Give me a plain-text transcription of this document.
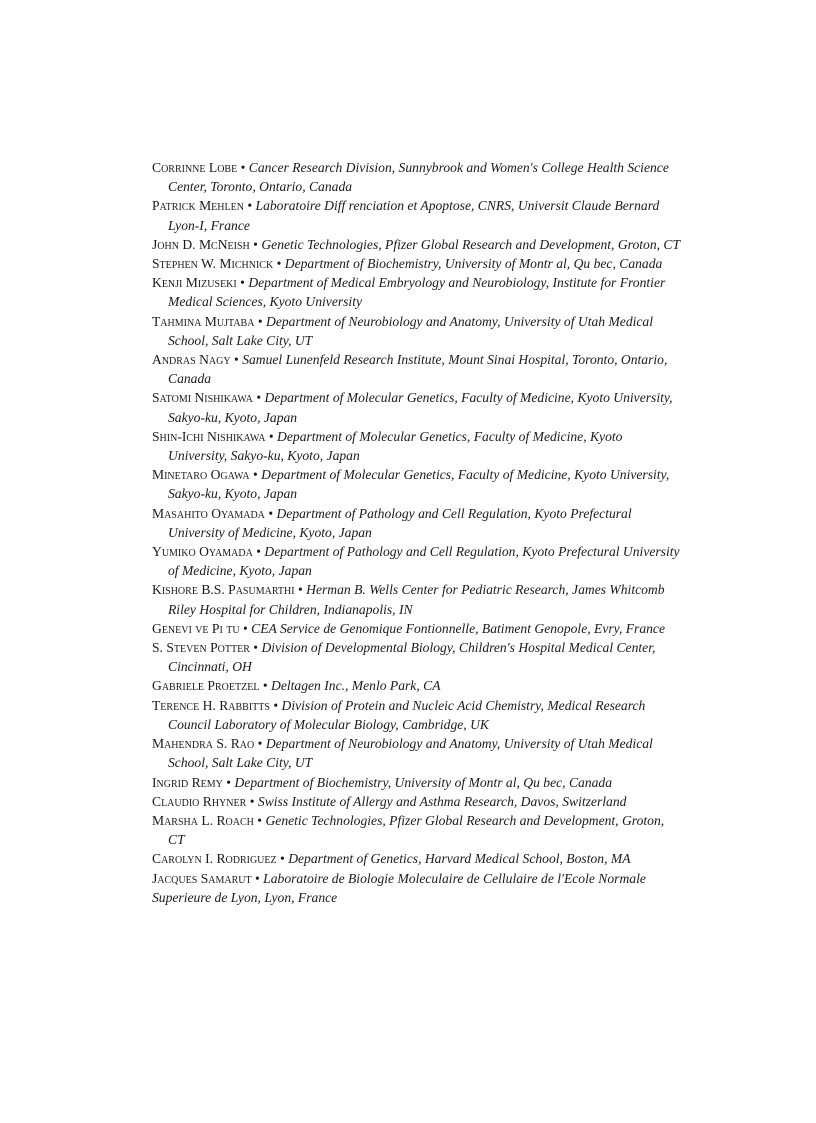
Corrinne Lobe • Cancer Research Division, Sunnybrook and Women's College Health Science Center, Toronto, Ontario, Canada

Patrick Mehlen • Laboratoire Diff renciation et Apoptose, CNRS, Universit Claude Bernard Lyon-I, France

John D. McNeish • Genetic Technologies, Pfizer Global Research and Development, Groton, CT

Stephen W. Michnick • Department of Biochemistry, University of Montr al, Qu bec, Canada

Kenji Mizuseki • Department of Medical Embryology and Neurobiology, Institute for Frontier Medical Sciences, Kyoto University

Tahmina Mujtaba • Department of Neurobiology and Anatomy, University of Utah Medical School, Salt Lake City, UT

Andras Nagy • Samuel Lunenfeld Research Institute, Mount Sinai Hospital, Toronto, Ontario, Canada

Satomi Nishikawa • Department of Molecular Genetics, Faculty of Medicine, Kyoto University, Sakyo-ku, Kyoto, Japan

Shin-Ichi Nishikawa • Department of Molecular Genetics, Faculty of Medicine, Kyoto University, Sakyo-ku, Kyoto, Japan

Minetaro Ogawa • Department of Molecular Genetics, Faculty of Medicine, Kyoto University, Sakyo-ku, Kyoto, Japan

Masahito Oyamada • Department of Pathology and Cell Regulation, Kyoto Prefectural University of Medicine, Kyoto, Japan

Yumiko Oyamada • Department of Pathology and Cell Regulation, Kyoto Prefectural University of Medicine, Kyoto, Japan

Kishore B.S. Pasumarthi • Herman B. Wells Center for Pediatric Research, James Whitcomb Riley Hospital for Children, Indianapolis, IN

Genevi ve Pi tu • CEA Service de Genomique Fontionnelle, Batiment Genopole, Evry, France

S. Steven Potter • Division of Developmental Biology, Children's Hospital Medical Center, Cincinnati, OH

Gabriele Proetzel • Deltagen Inc., Menlo Park, CA

Terence H. Rabbitts • Division of Protein and Nucleic Acid Chemistry, Medical Research Council Laboratory of Molecular Biology, Cambridge, UK

Mahendra S. Rao • Department of Neurobiology and Anatomy, University of Utah Medical School, Salt Lake City, UT

Ingrid Remy • Department of Biochemistry, University of Montr al, Qu bec, Canada

Claudio Rhyner • Swiss Institute of Allergy and Asthma Research, Davos, Switzerland

Marsha L. Roach • Genetic Technologies, Pfizer Global Research and Development, Groton, CT

Carolyn I. Rodriguez • Department of Genetics, Harvard Medical School, Boston, MA

Jacques Samarut • Laboratoire de Biologie Moleculaire de Cellulaire de l'Ecole Normale Superieure de Lyon, Lyon, France
